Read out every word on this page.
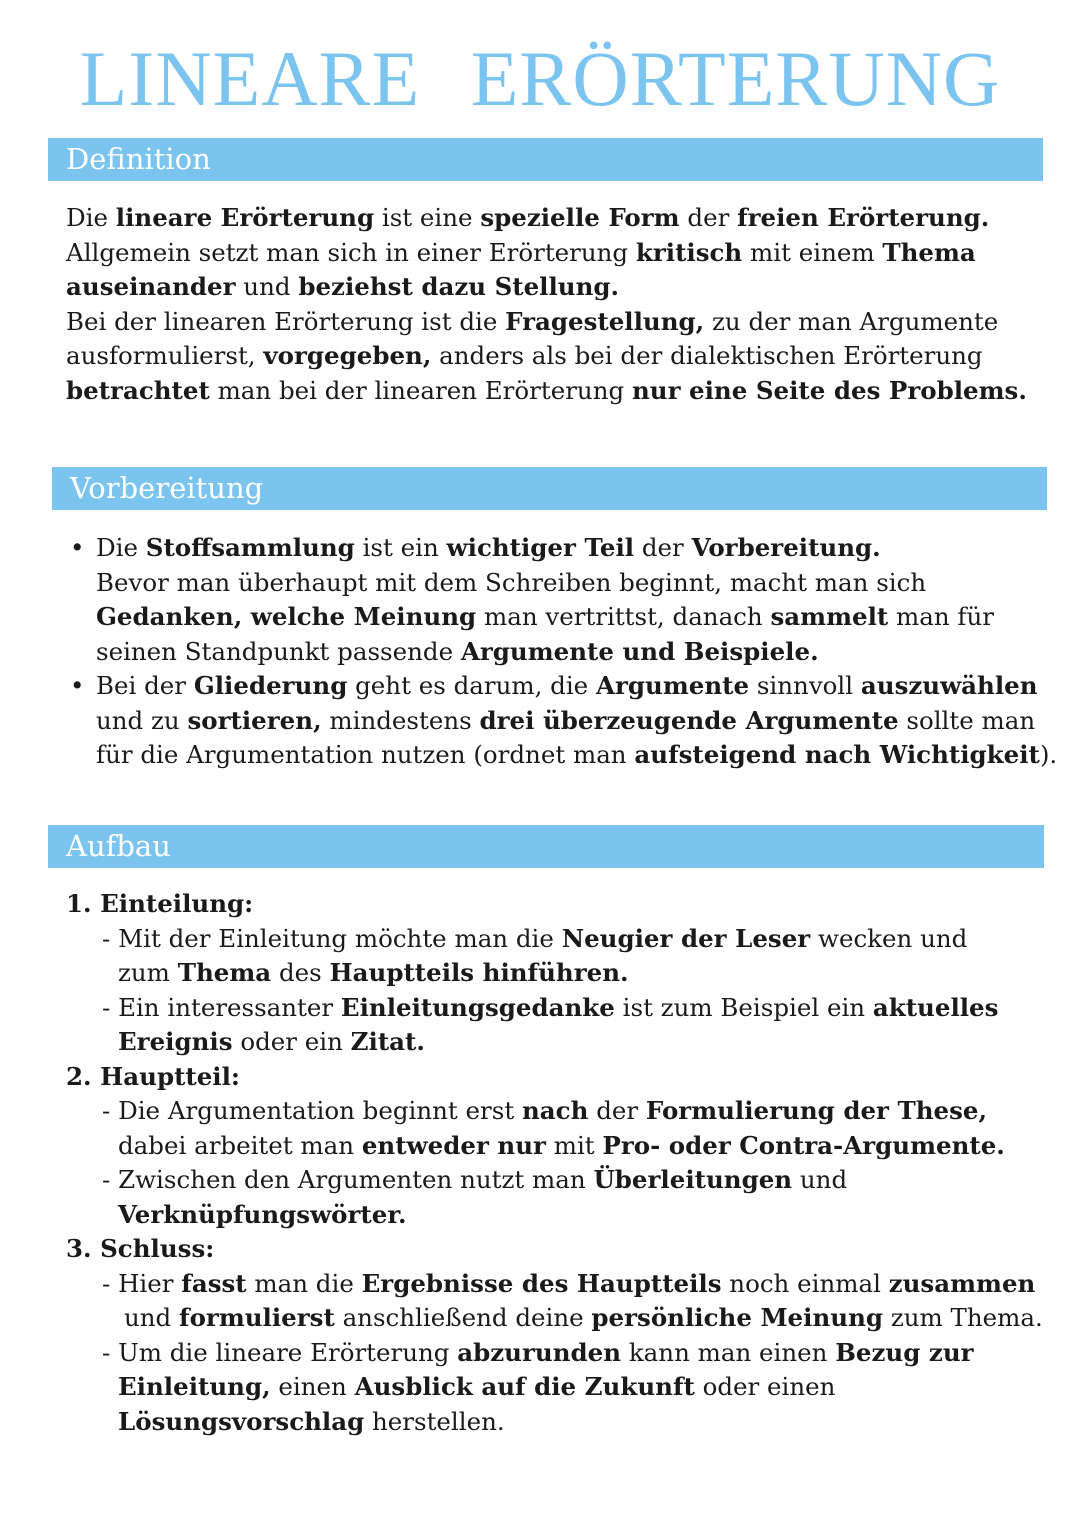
LINEARE ERÖRTERUNG
Definition
Die lineare Erörterung ist eine spezielle Form der freien Erörterung.
Allgemein setzt man sich in einer Erörterung kritisch mit einem Thema
auseinander und beziehst dazu Stellung.
Bei der linearen Erörterung ist die Fragestellung, zu der man Argumente
ausformulierst, vorgegeben, anders als bei der dialektischen Erörterung
betrachtet man bei der linearen Erörterung nur eine Seite des Problems.
Vorbereitung
• Die Stoffsammlung ist ein wichtiger Teil der Vorbereitung.
Bevor man überhaupt mit dem Schreiben beginnt, macht man sich
Gedanken, welche Meinung man vertrittst, danach sammelt man für
seinen Standpunkt passende Argumente und Beispiele.
• Bei der Gliederung geht es darum, die Argumente sinnvoll auszuwählen
und zu sortieren, mindestens drei überzeugende Argumente sollte man
für die Argumentation nutzen (ordnet man aufsteigend nach Wichtigkeit).
Aufbau
1. Einteilung:
- Mit der Einleitung möchte man die Neugier der Leser wecken und
zum Thema des Hauptteils hinführen.
- Ein interessanter Einleitungsgedanke ist zum Beispiel ein aktuelles
Ereignis oder ein Zitat.
2. Hauptteil:
- Die Argumentation beginnt erst nach der Formulierung der These,
dabei arbeitet man entweder nur mit Pro- oder Contra-Argumente.
- Zwischen den Argumenten nutzt man Überleitungen und
Verknüpfungswörter.
3. Schluss:
- Hier fasst man die Ergebnisse des Hauptteils noch einmal zusammen
und formulierst anschließend deine persönliche Meinung zum Thema.
- Um die lineare Erörterung abzurunden kann man einen Bezug zur
Einleitung, einen Ausblick auf die Zukunft oder einen
Lösungsvorschlag herstellen.
